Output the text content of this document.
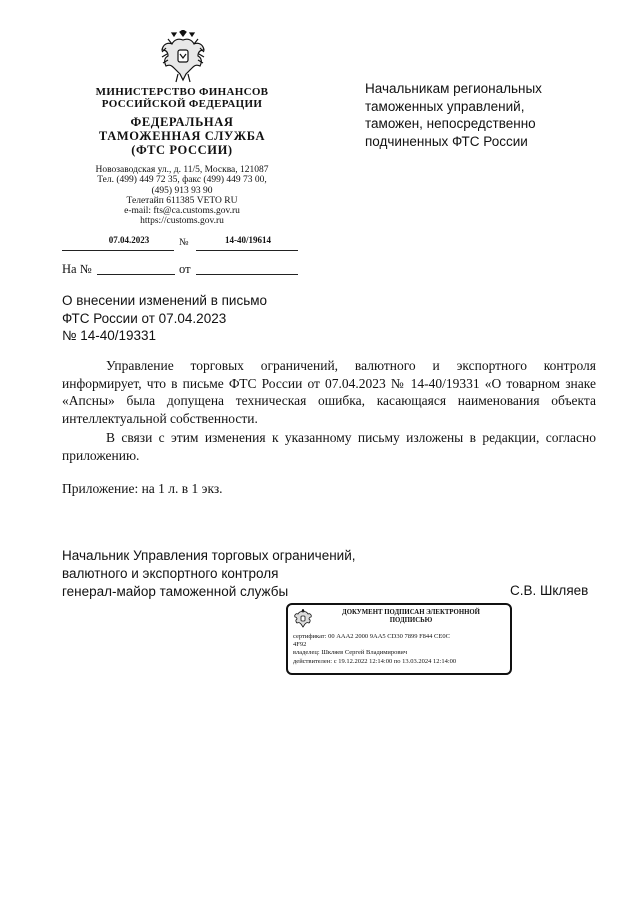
МИНИСТЕРСТВО ФИНАНСОВ
РОССИЙСКОЙ ФЕДЕРАЦИИ
ФЕДЕРАЛЬНАЯ
ТАМОЖЕННАЯ СЛУЖБА
(ФТС РОССИИ)
Новозаводская ул., д. 11/5, Москва, 121087
Тел. (499) 449 72 35, факс (499) 449 73 00,
(495) 913 93 90
Телетайп 611385 VETO RU
e-mail: fts@ca.customs.gov.ru
https://customs.gov.ru
07.04.2023	№	14-40/19614
На №	от
Начальникам региональных
таможенных управлений,
таможен, непосредственно
подчиненных ФТС России
О внесении изменений в письмо
ФТС России от 07.04.2023
№ 14-40/19331

Управление торговых ограничений, валютного и экспортного контроля информирует, что в письме ФТС России от 07.04.2023 № 14-40/19331 «О товарном знаке «Апсны» была допущена техническая ошибка, касающаяся наименования объекта интеллектуальной собственности.

В связи с этим изменения к указанному письму изложены в редакции, согласно приложению.

Приложение: на 1 л. в 1 экз.
Начальник Управления торговых ограничений,
валютного и экспортного контроля
генерал-майор таможенной службы	С.В. Шкляев
ДОКУМЕНТ ПОДПИСАН ЭЛЕКТРОННОЙ
ПОДПИСЬЮ
сертификат: 00 AAA2 2000 9AA5 CD30 7899 F844 CE0C
4F92
владелец: Шкляев Сергей Владимирович
действителен: с 19.12.2022 12:14:00 по 13.03.2024 12:14:00
